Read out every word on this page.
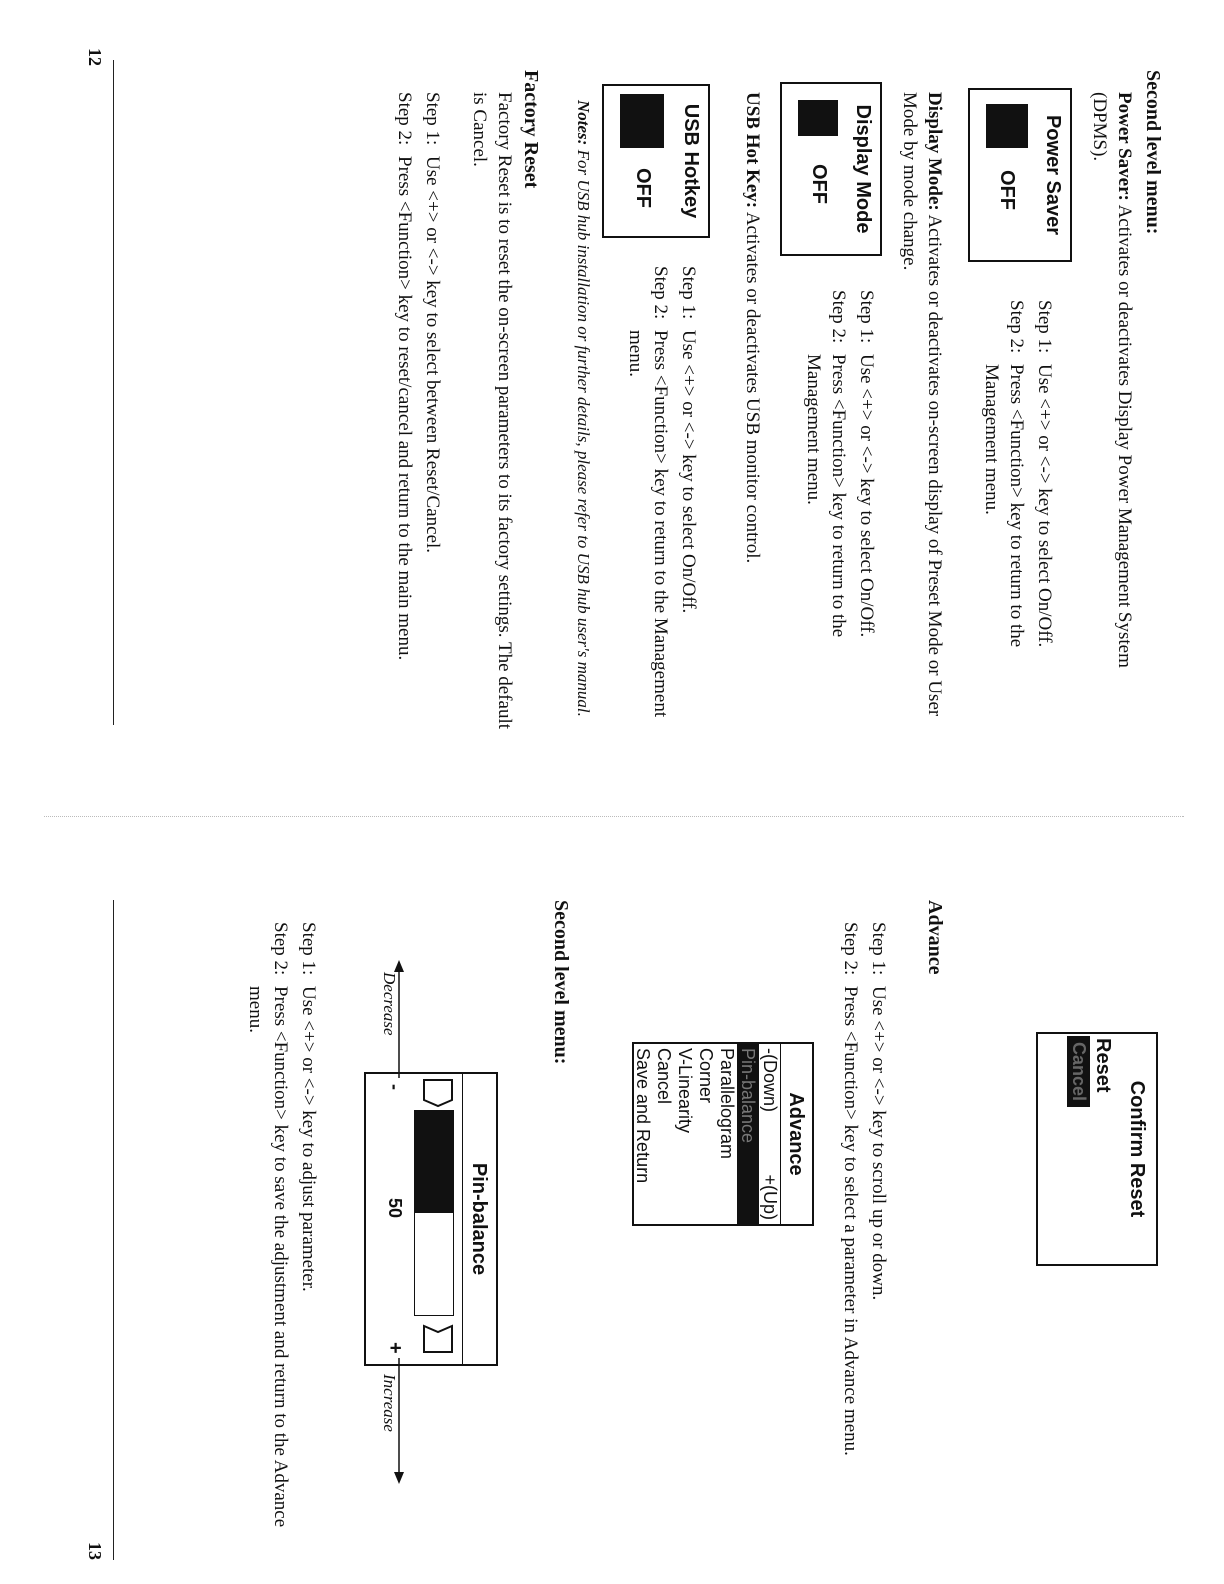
Second level menu:
Power Saver: Activates or deactivates Display Power Management System (DPMS).
Power Saver
OFF
Step 1:
Use <+> or <-> key to select On/Off.
Step 2:
Press <Function> key to return to the Management menu.
Display Mode: Activates or deactivates on-screen display of Preset Mode or User Mode by mode change.
Display Mode
OFF
Step 1:
Use <+> or <-> key to select On/Off.
Step 2:
Press <Function> key to return to the Management menu.
USB Hot Key: Activates or deactivates USB monitor control.
USB Hotkey
OFF
Step 1:
Use <+> or <-> key to select On/Off.
Step 2:
Press <Function> key to return to the Management menu.
Notes: For USB hub installation or further details, please refer to USB hub user's manual.
Factory Reset
Factory Reset is to reset the on-screen parameters to its factory settings. The default is Cancel.
Step 1:
Use <+> or <-> key to select between Reset/Cancel.
Step 2:
Press <Function> key to reset/cancel and return to the main menu.
12
Confirm Reset
Reset
Cancel
Advance
Step 1:
Use <+> or <-> key to scroll up or down.
Step 2:
Press <Function> key to select a parameter in Advance menu.
Advance
-(Down)
+(Up)
Pin-balance
Parallelogram
Corner
V-Linearity
Cancel
Save and Return
Second level menu:
Pin-balance
-
50
+
Decrease
Increase
Step 1:
Use <+> or <-> key to adjust parameter.
Step 2:
Press <Function> key to save the adjustment and return to the Advance menu.
13
